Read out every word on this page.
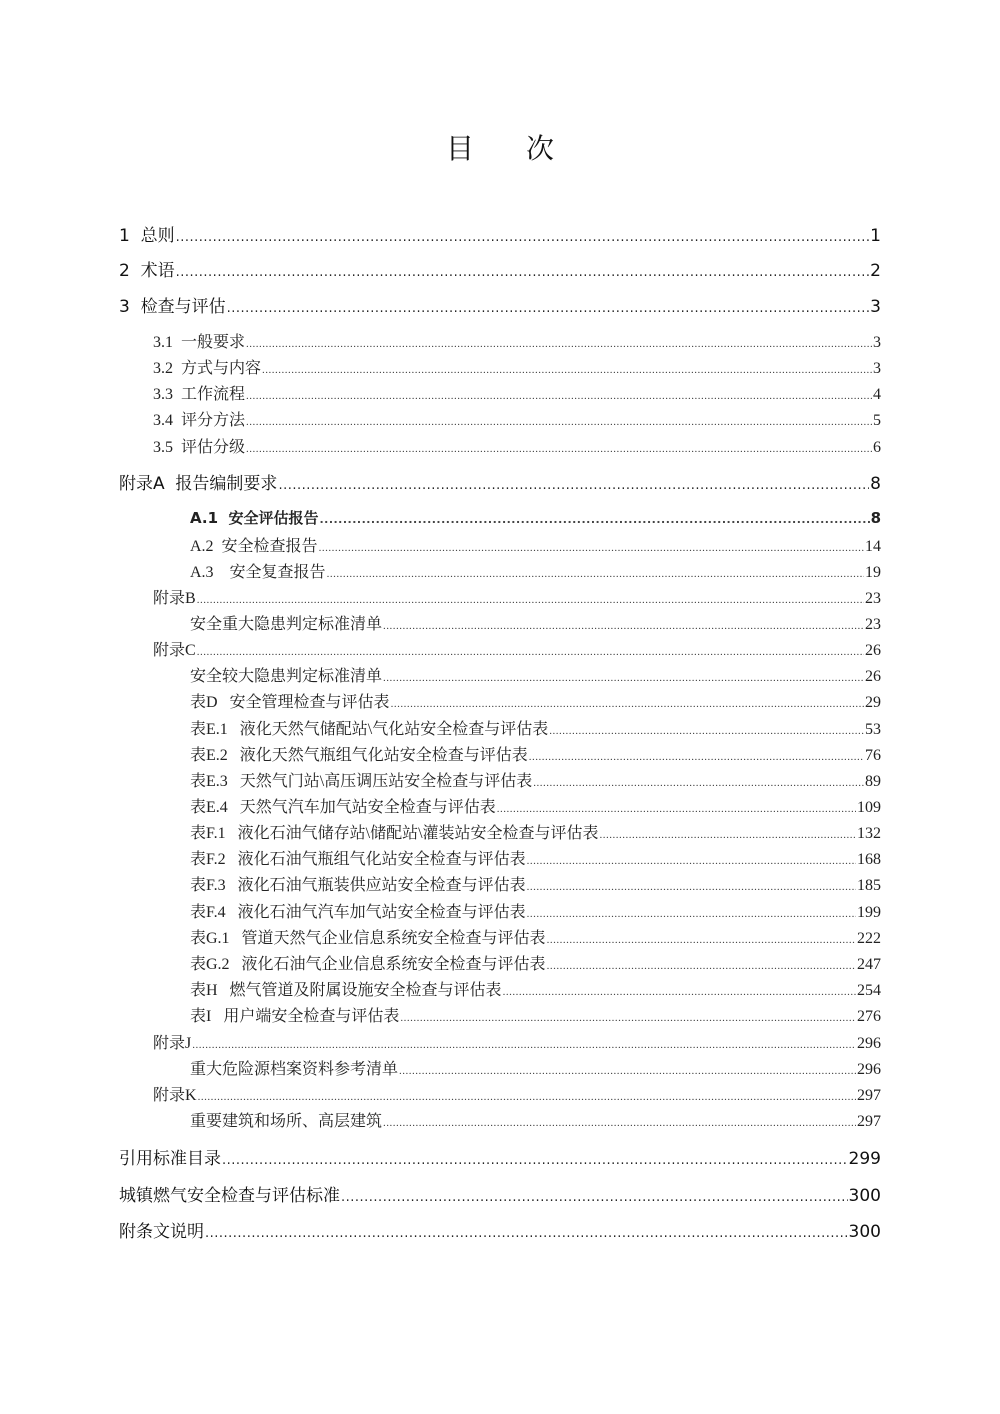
目 次
1  总则 .....	1
2  术语 .....	2
3  检查与评估 .....	3
3.1  一般要求 .....	3
3.2  方式与内容 .....	3
3.3  工作流程 .....	4
3.4  评分方法 .....	5
3.5  评估分级 .....	6
附录A  报告编制要求 .....	8
A.1  安全评估报告 .....	8
A.2  安全检查报告 .....	14
A.3    安全复查报告 .....	19
附录B .....	23
安全重大隐患判定标准清单 .....	23
附录C .....	26
安全较大隐患判定标准清单 .....	26
表D   安全管理检查与评估表 .....	29
表E.1   液化天然气储配站\气化站安全检查与评估表 .....	53
表E.2   液化天然气瓶组气化站安全检查与评估表 .....	76
表E.3   天然气门站\高压调压站安全检查与评估表 .....	89
表E.4   天然气汽车加气站安全检查与评估表 .....	109
表F.1   液化石油气储存站\储配站\灌装站安全检查与评估表 .....	132
表F.2   液化石油气瓶组气化站安全检查与评估表 .....	168
表F.3   液化石油气瓶装供应站安全检查与评估表 .....	185
表F.4   液化石油气汽车加气站安全检查与评估表 .....	199
表G.1   管道天然气企业信息系统安全检查与评估表 .....	222
表G.2   液化石油气企业信息系统安全检查与评估表 .....	247
表H   燃气管道及附属设施安全检查与评估表 .....	254
表I   用户端安全检查与评估表 .....	276
附录J .....	296
重大危险源档案资料参考清单 .....	296
附录K .....	297
重要建筑和场所、高层建筑 .....	297
引用标准目录 .....	299
城镇燃气安全检查与评估标准 .....	300
附条文说明 .....	300
